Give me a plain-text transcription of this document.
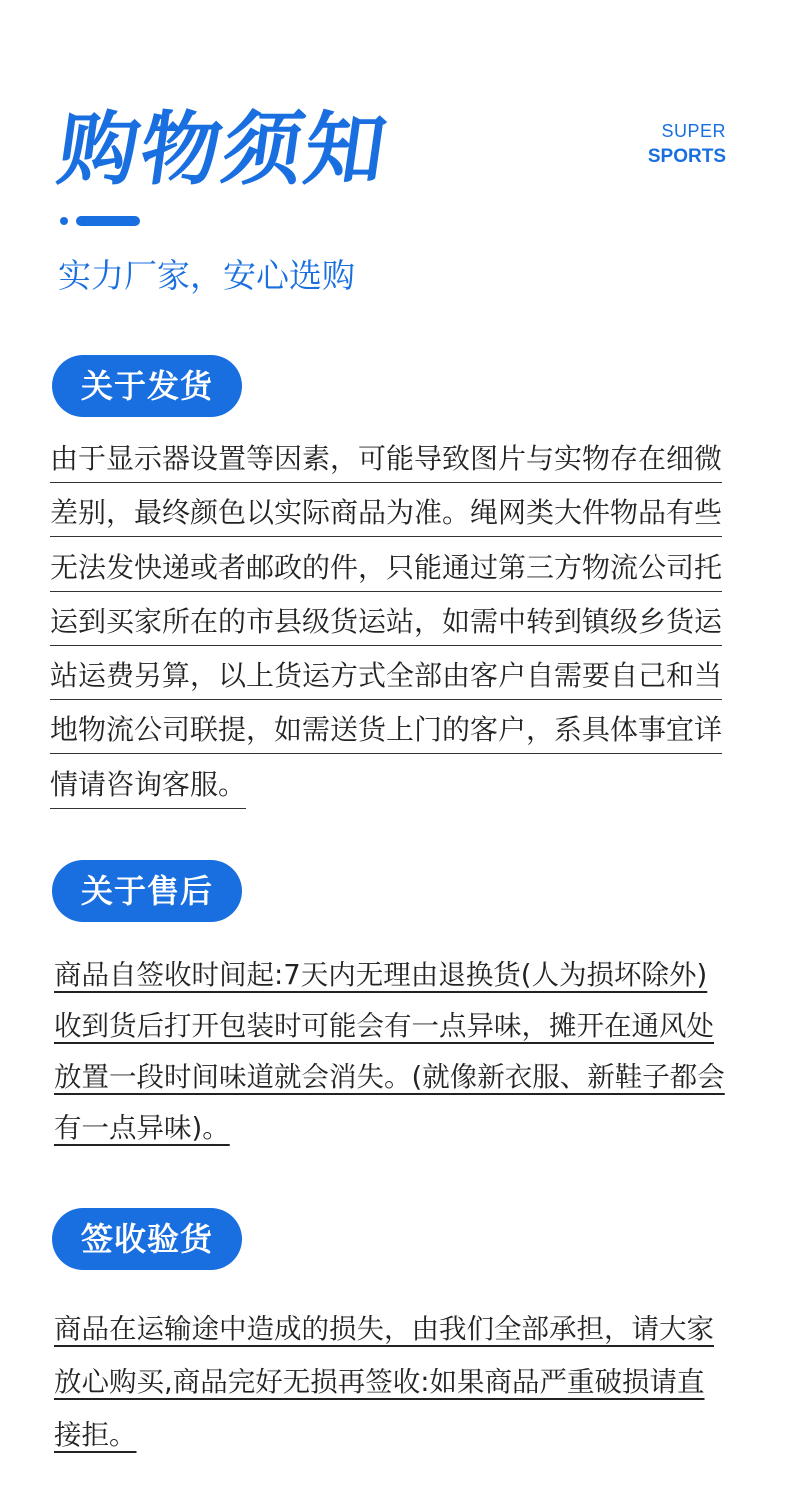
购物须知	SUPER
SPORTS
实力厂家，安心选购
关于发货
由于显示器设置等因素，可能导致图片与实物存在细微
差别，最终颜色以实际商品为准。绳网类大件物品有些
无法发快递或者邮政的件，只能通过第三方物流公司托
运到买家所在的市县级货运站，如需中转到镇级乡货运
站运费另算，以上货运方式全部由客户自需要自己和当
地物流公司联提，如需送货上门的客户，系具体事宜详
情请咨询客服。
关于售后
商品自签收时间起:7天内无理由退换货(人为损坏除外)
收到货后打开包装时可能会有一点异味，摊开在通风处
放置一段时间味道就会消失。(就像新衣服、新鞋子都会
有一点异味)。
签收验货
商品在运输途中造成的损失，由我们全部承担，请大家
放心购买,商品完好无损再签收:如果商品严重破损请直
接拒。
